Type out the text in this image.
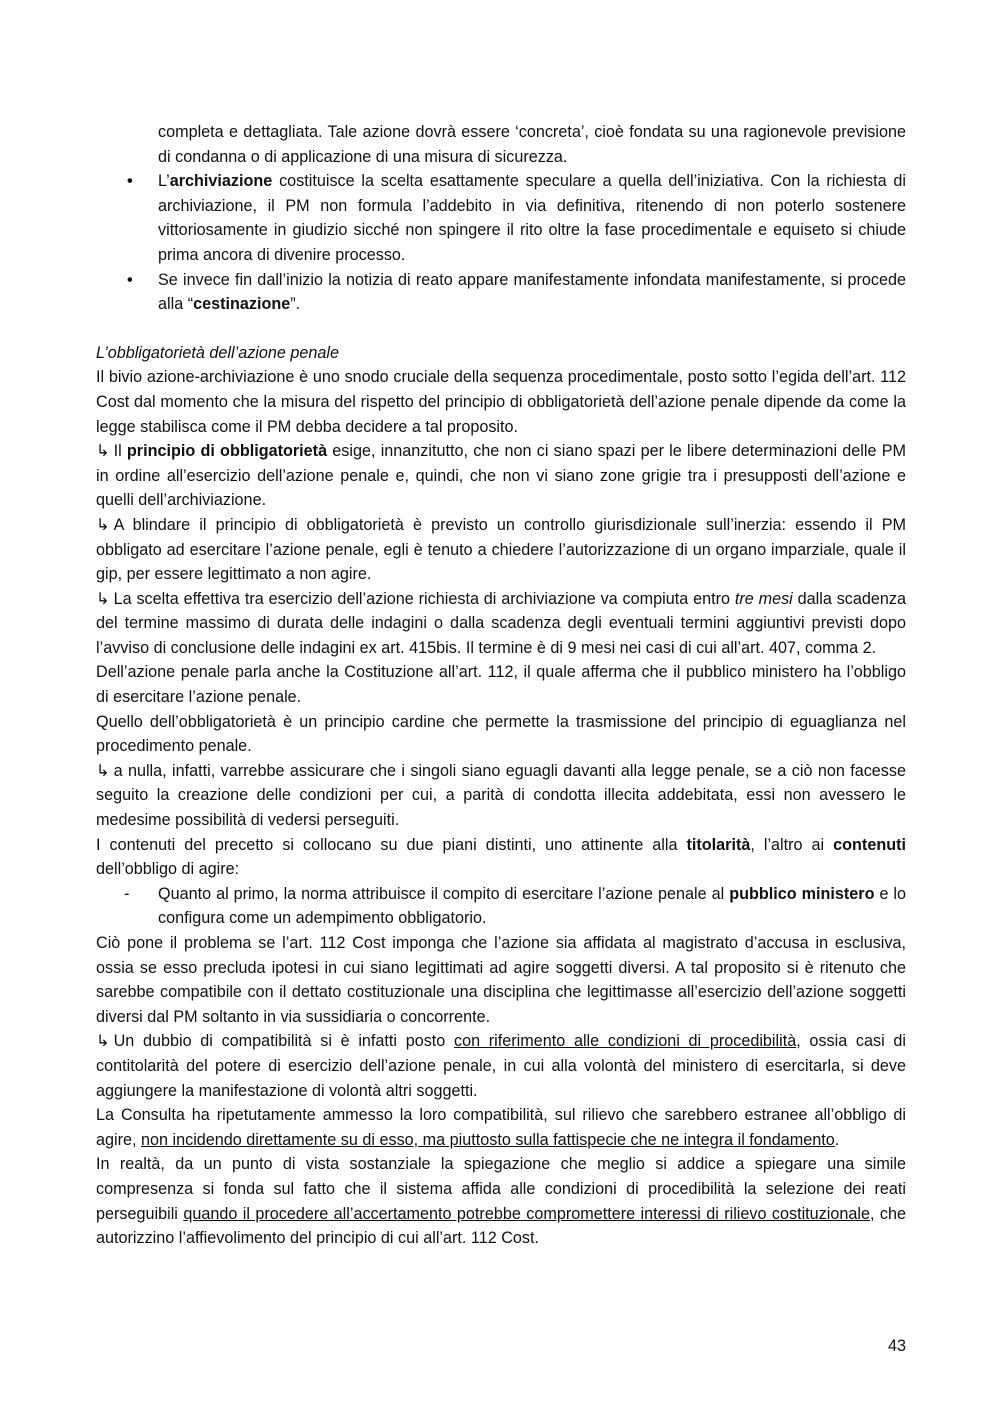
completa e dettagliata. Tale azione dovrà essere ‘concreta’, cioè fondata su una ragionevole previsione di condanna o di applicazione di una misura di sicurezza.

• L’archiviazione costituisce la scelta esattamente speculare a quella dell’iniziativa. Con la richiesta di archiviazione, il PM non formula l’addebito in via definitiva, ritenendo di non poterlo sostenere vittoriosamente in giudizio sicché non spingere il rito oltre la fase procedimentale e equiseto si chiude prima ancora di divenire processo.
• Se invece fin dall’inizio la notizia di reato appare manifestamente infondata manifestamente, si procede alla “cestinazione”.

L’obbligatorietà dell’azione penale

Il bivio azione-archiviazione è uno snodo cruciale della sequenza procedimentale, posto sotto l’egida dell’art. 112 Cost dal momento che la misura del rispetto del principio di obbligatorietà dell’azione penale dipende da come la legge stabilisca come il PM debba decidere a tal proposito.

↳ Il principio di obbligatorietà esige, innanzitutto, che non ci siano spazi per le libere determinazioni delle PM in ordine all’esercizio dell’azione penale e, quindi, che non vi siano zone grigie tra i presupposti dell’azione e quelli dell’archiviazione.

↳ A blindare il principio di obbligatorietà è previsto un controllo giurisdizionale sull’inerzia: essendo il PM obbligato ad esercitare l’azione penale, egli è tenuto a chiedere l’autorizzazione di un organo imparziale, quale il gip, per essere legittimato a non agire.

↳ La scelta effettiva tra esercizio dell’azione richiesta di archiviazione va compiuta entro tre mesi dalla scadenza del termine massimo di durata delle indagini o dalla scadenza degli eventuali termini aggiuntivi previsti dopo l’avviso di conclusione delle indagini ex art. 415bis. Il termine è di 9 mesi nei casi di cui all’art. 407, comma 2.

Dell’azione penale parla anche la Costituzione all’art. 112, il quale afferma che il pubblico ministero ha l’obbligo di esercitare l’azione penale.

Quello dell’obbligatorietà è un principio cardine che permette la trasmissione del principio di eguaglianza nel procedimento penale.

↳ a nulla, infatti, varrebbe assicurare che i singoli siano eguagli davanti alla legge penale, se a ciò non facesse seguito la creazione delle condizioni per cui, a parità di condotta illecita addebitata, essi non avessero le medesime possibilità di vedersi perseguiti.

I contenuti del precetto si collocano su due piani distinti, uno attinente alla titolarità, l’altro ai contenuti dell’obbligo di agire:

- Quanto al primo, la norma attribuisce il compito di esercitare l’azione penale al pubblico ministero e lo configura come un adempimento obbligatorio.

Ciò pone il problema se l’art. 112 Cost imponga che l’azione sia affidata al magistrato d’accusa in esclusiva, ossia se esso precluda ipotesi in cui siano legittimati ad agire soggetti diversi. A tal proposito si è ritenuto che sarebbe compatibile con il dettato costituzionale una disciplina che legittimasse all’esercizio dell’azione soggetti diversi dal PM soltanto in via sussidiaria o concorrente.

↳ Un dubbio di compatibilità si è infatti posto con riferimento alle condizioni di procedibilità, ossia casi di contitolarità del potere di esercizio dell’azione penale, in cui alla volontà del ministero di esercitarla, si deve aggiungere la manifestazione di volontà altri soggetti.

La Consulta ha ripetutamente ammesso la loro compatibilità, sul rilievo che sarebbero estranee all’obbligo di agire, non incidendo direttamente su di esso, ma piuttosto sulla fattispecie che ne integra il fondamento.

In realtà, da un punto di vista sostanziale la spiegazione che meglio si addice a spiegare una simile compresenza si fonda sul fatto che il sistema affida alle condizioni di procedibilità la selezione dei reati perseguibili quando il procedere all’accertamento potrebbe compromettere interessi di rilievo costituzionale, che autorizzino l’affievolimento del principio di cui all’art. 112 Cost.

43
